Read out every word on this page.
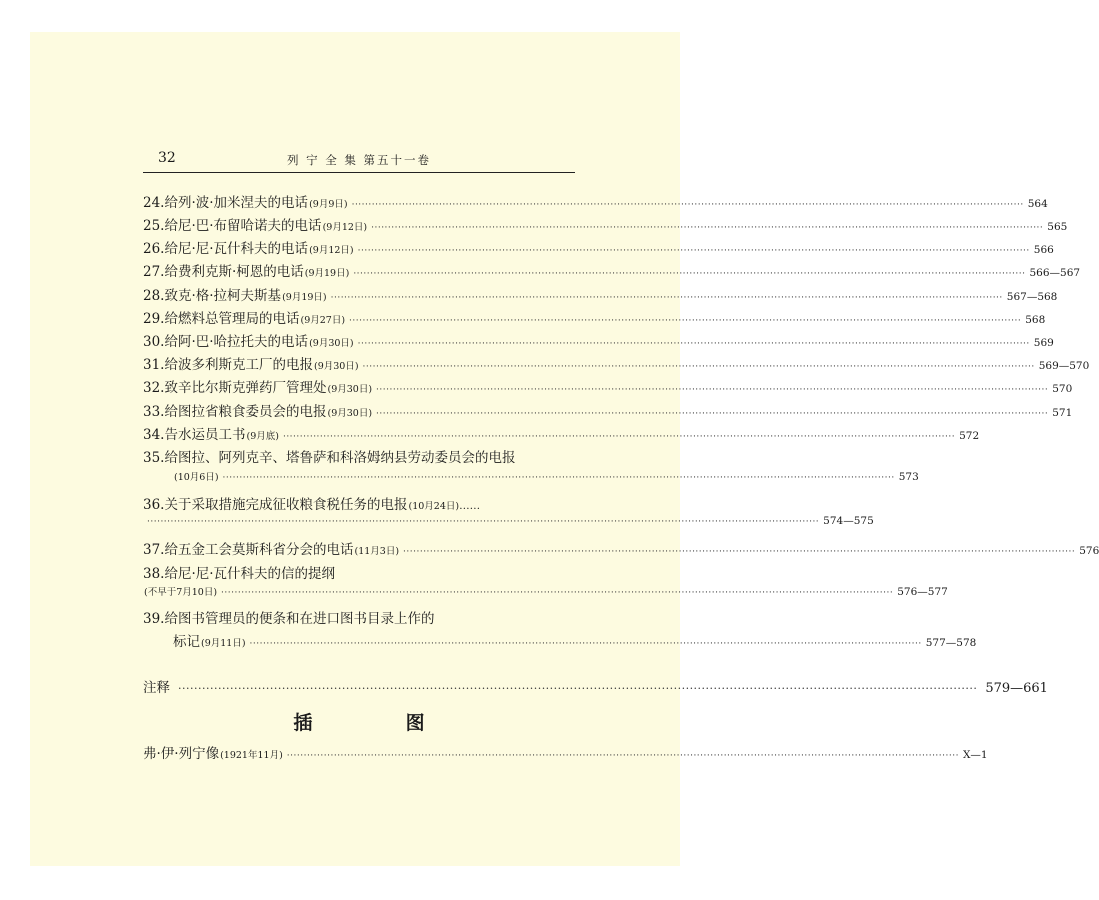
32	列 宁 全 集 第五十一卷
24.给列·波·加米涅夫的电话 (9月9日) ········································································································································································································ 564
25.给尼·巴·布留哈诺夫的电话 (9月12日) ········································································································································································································ 565
26.给尼·尼·瓦什科夫的电话 (9月12日) ········································································································································································································ 566
27.给费利克斯·柯恩的电话 (9月19日) ········································································································································································································ 566—567
28.致克·格·拉柯夫斯基 (9月19日) ········································································································································································································ 567—568
29.给燃料总管理局的电话 (9月27日) ········································································································································································································ 568
30.给阿·巴·哈拉托夫的电话 (9月30日) ········································································································································································································ 569
31.给波多利斯克工厂的电报 (9月30日) ········································································································································································································ 569—570
32.致辛比尔斯克弹药厂管理处 (9月30日) ········································································································································································································ 570
33.给图拉省粮食委员会的电报 (9月30日) ········································································································································································································ 571
34.告水运员工书 (9月底) ········································································································································································································ 572
35.给图拉、阿列克辛、塔鲁萨和科洛姆纳县劳动委员会的电报
(10月6日) ········································································································································································································ 573
36.关于采取措施完成征收粮食税任务的电报 (10月24日) ……
········································································································································································································ 574—575
37.给五金工会莫斯科省分会的电话 (11月3日) ········································································································································································································ 576
38.给尼·尼·瓦什科夫的信的提纲
(不早于7月10日) ········································································································································································································ 576—577
39.给图书管理员的便条和在进口图书目录上作的
标记 (9月11日) ········································································································································································································ 577—578
注释 ········································································································································································································ 579—661
弗·伊·列宁像 (1921年11月) ········································································································································································································ X—1
插	图
